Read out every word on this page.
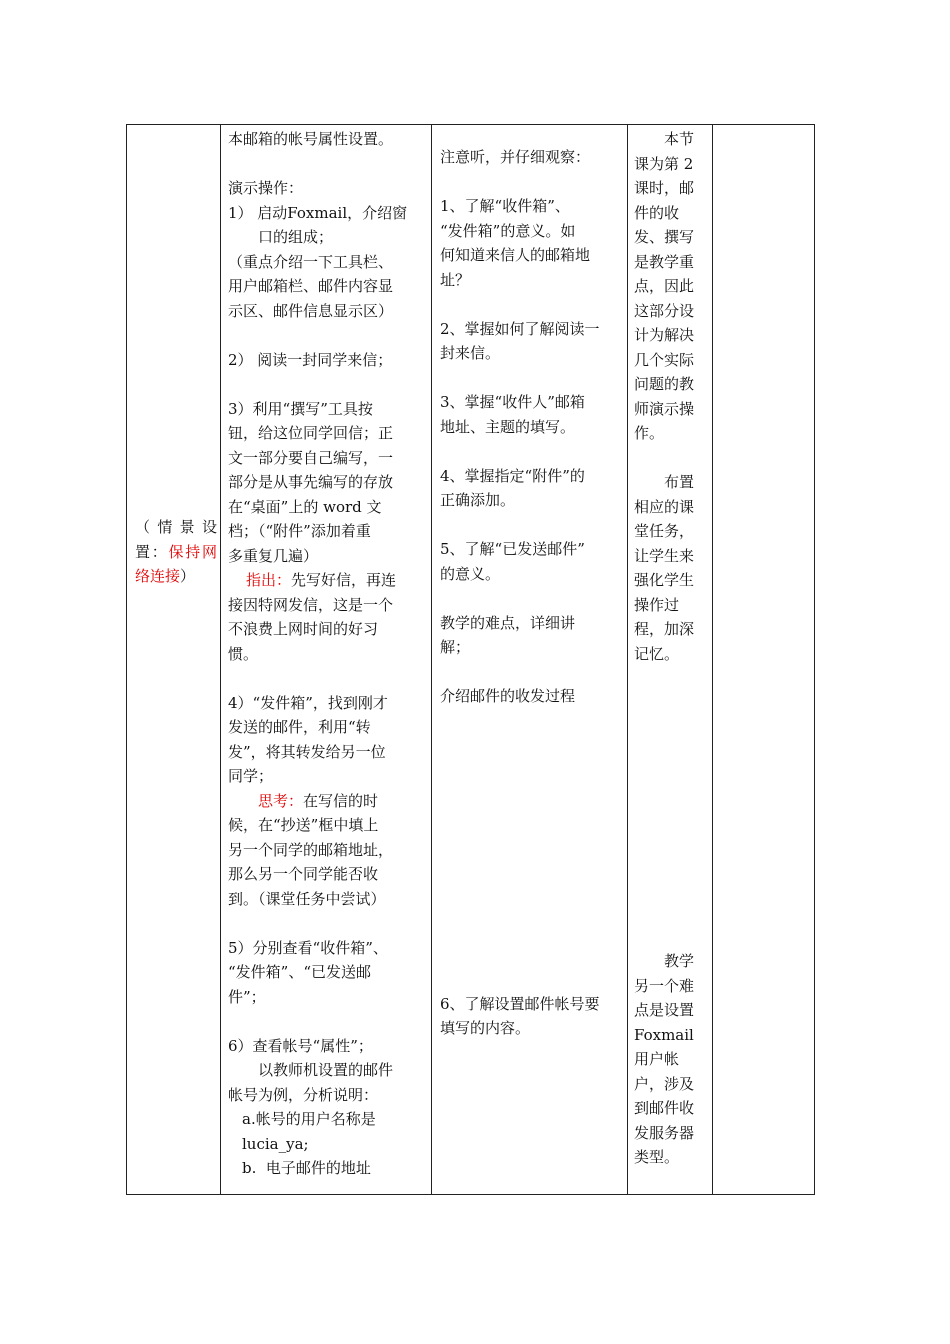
（情景设置：保持网络连接）

本邮箱的帐号属性设置。

演示操作：

1） 启动Foxmail，介绍窗

口的组成；

（重点介绍一下工具栏、

用户邮箱栏、邮件内容显

示区、邮件信息显示区）

2） 阅读一封同学来信；

3）利用“撰写”工具按

钮，给这位同学回信；正

文一部分要自己编写，一

部分是从事先编写的存放

在“桌面”上的 word 文

档；（“附件”添加着重

多重复几遍）

指出：先写好信，再连

接因特网发信，这是一个

不浪费上网时间的好习

惯。

4）“发件箱”，找到刚才

发送的邮件，利用“转

发”，将其转发给另一位

同学；

思考：在写信的时

候，在“抄送”框中填上

另一个同学的邮箱地址，

那么另一个同学能否收

到。（课堂任务中尝试）

5）分别查看“收件箱”、

“发件箱”、“已发送邮

件”；

6）查看帐号“属性”；

以教师机设置的邮件

帐号为例，分析说明：

a.帐号的用户名称是

lucia_ya;

b.  电子邮件的地址

注意听，并仔细观察：

1、了解“收件箱”、

“发件箱”的意义。如

何知道来信人的邮箱地

址？

2、掌握如何了解阅读一

封来信。

3、掌握“收件人”邮箱

地址、主题的填写。

4、掌握指定“附件”的

正确添加。

5、了解“已发送邮件”

的意义。

教学的难点，详细讲

解；

介绍邮件的收发过程

6、了解设置邮件帐号要

填写的内容。

本节

课为第 2

课时，邮

件的收

发、撰写

是教学重

点，因此

这部分设

计为解决

几个实际

问题的教

师演示操

作。

布置

相应的课

堂任务，

让学生来

强化学生

操作过

程，加深

记忆。

教学

另一个难

点是设置

Foxmail

用户帐

户，涉及

到邮件收

发服务器

类型。
